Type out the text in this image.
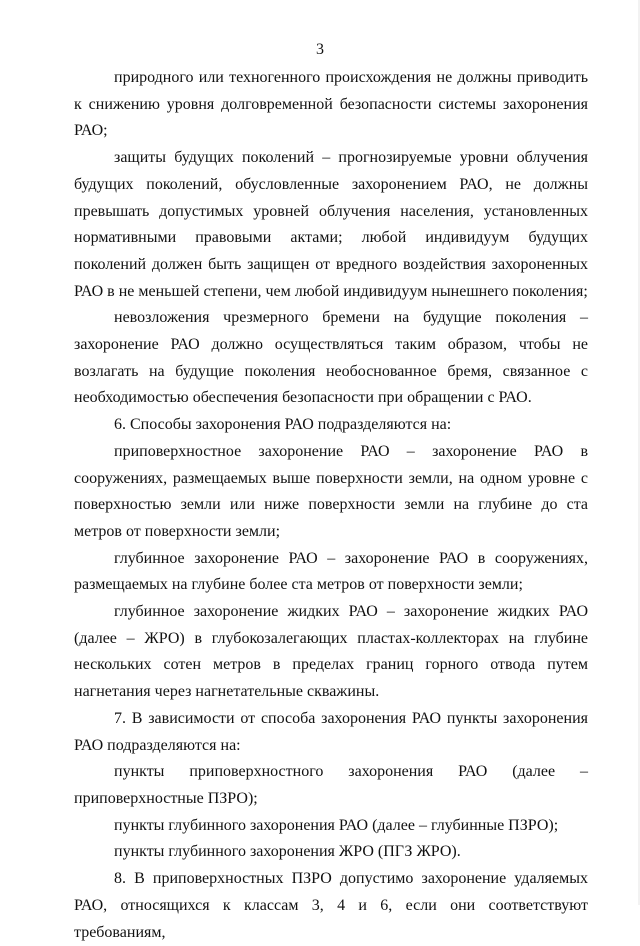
3

природного или техногенного происхождения не должны приводить к снижению уровня долговременной безопасности системы захоронения РАО;

защиты будущих поколений – прогнозируемые уровни облучения будущих поколений, обусловленные захоронением РАО, не должны превышать допустимых уровней облучения населения, установленных нормативными правовыми актами; любой индивидуум будущих поколений должен быть защищен от вредного воздействия захороненных РАО в не меньшей степени, чем любой индивидуум нынешнего поколения;

невозложения чрезмерного бремени на будущие поколения – захоронение РАО должно осуществляться таким образом, чтобы не возлагать на будущие поколения необоснованное бремя, связанное с необходимостью обеспечения безопасности при обращении с РАО.

6. Способы захоронения РАО подразделяются на:

приповерхностное захоронение РАО – захоронение РАО в сооружениях, размещаемых выше поверхности земли, на одном уровне с поверхностью земли или ниже поверхности земли на глубине до ста метров от поверхности земли;

глубинное захоронение РАО – захоронение РАО в сооружениях, размещаемых на глубине более ста метров от поверхности земли;

глубинное захоронение жидких РАО – захоронение жидких РАО (далее – ЖРО) в глубокозалегающих пластах-коллекторах на глубине нескольких сотен метров в пределах границ горного отвода путем нагнетания через нагнетательные скважины.

7. В зависимости от способа захоронения РАО пункты захоронения РАО подразделяются на:

пункты приповерхностного захоронения РАО (далее – приповерхностные ПЗРО);

пункты глубинного захоронения РАО (далее – глубинные ПЗРО);

пункты глубинного захоронения ЖРО (ПГЗ ЖРО).

8. В приповерхностных ПЗРО допустимо захоронение удаляемых РАО, относящихся к классам 3, 4 и 6, если они соответствуют требованиям,
